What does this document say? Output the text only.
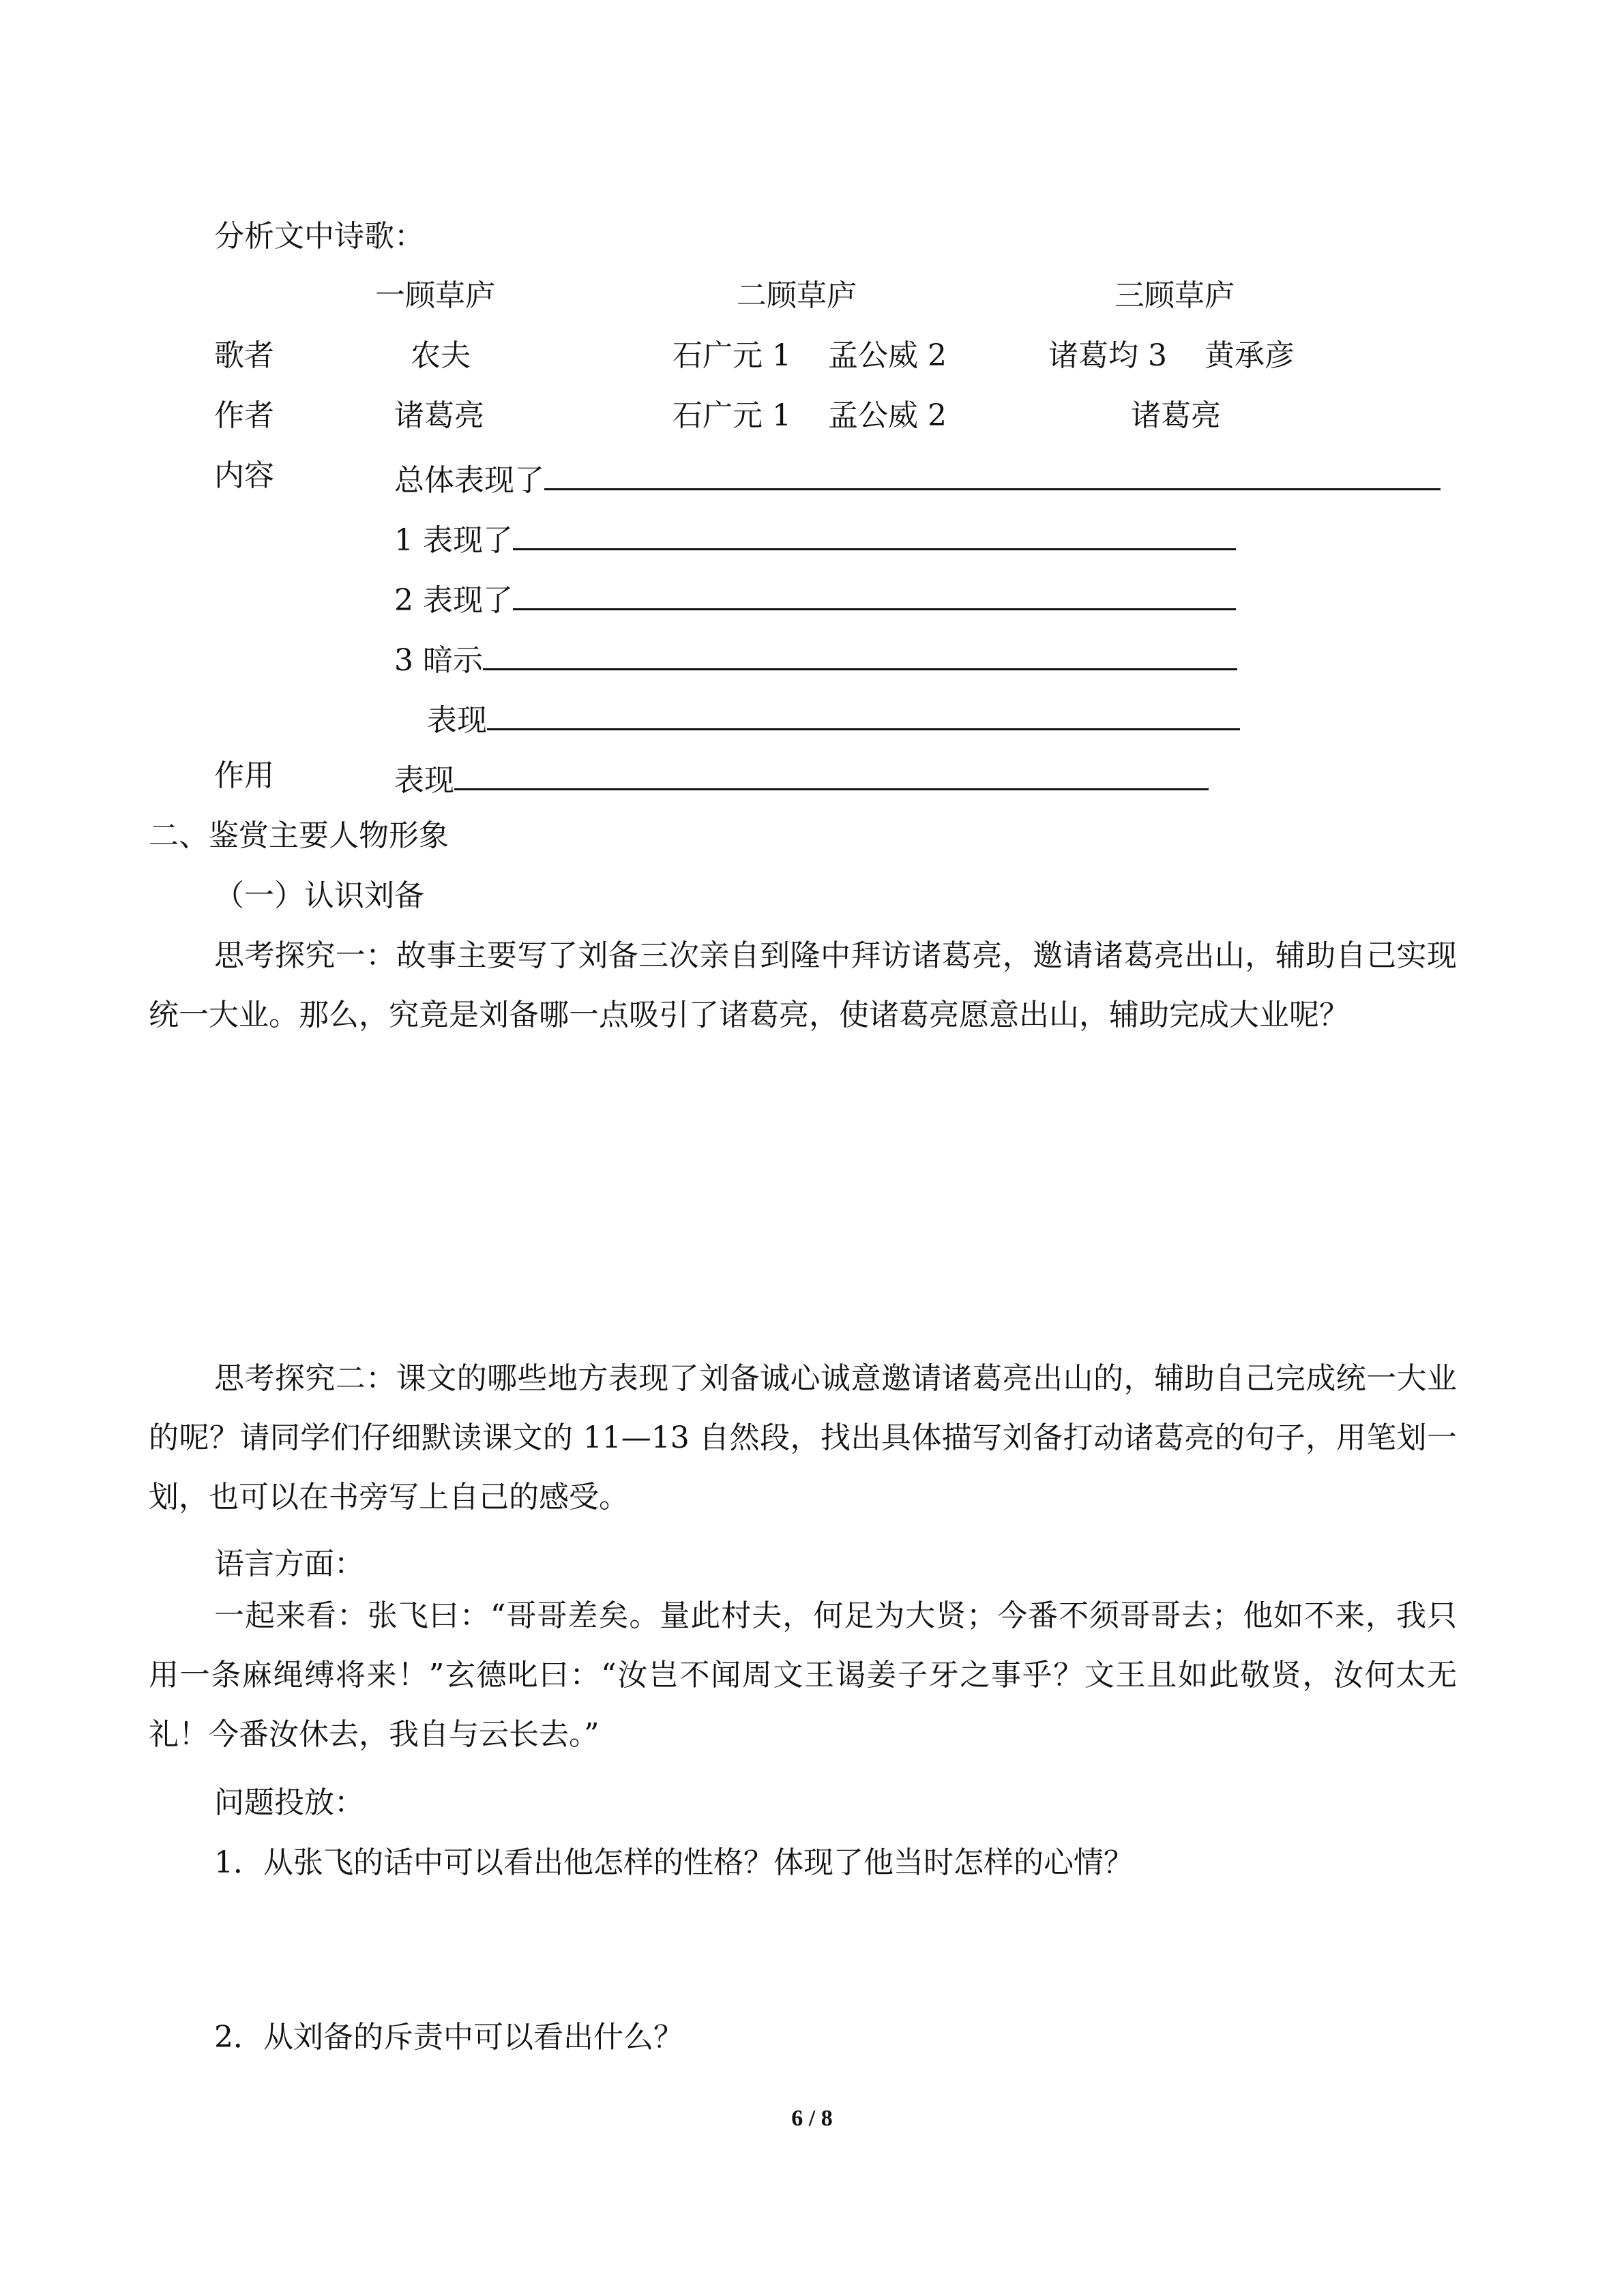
分析文中诗歌：
一顾草庐	二顾草庐	三顾草庐
歌者	农夫	石广元 1 孟公威 2	诸葛均 3 黄承彦
作者	诸葛亮	石广元 1 孟公威 2	诸葛亮
内容	总体表现了
1 表现了
2 表现了
3 暗示
表现
作用	表现
二、鉴赏主要人物形象
（一）认识刘备

思考探究一：故事主要写了刘备三次亲自到隆中拜访诸葛亮，邀请诸葛亮出山，辅助自己实现统一大业。那么，究竟是刘备哪一点吸引了诸葛亮，使诸葛亮愿意出山，辅助完成大业呢？

思考探究二：课文的哪些地方表现了刘备诚心诚意邀请诸葛亮出山的，辅助自己完成统一大业的呢？请同学们仔细默读课文的 11—13 自然段，找出具体描写刘备打动诸葛亮的句子，用笔划一划，也可以在书旁写上自己的感受。

语言方面：

一起来看：张飞曰：“哥哥差矣。量此村夫，何足为大贤；今番不须哥哥去；他如不来，我只用一条麻绳缚将来！”玄德叱曰：“汝岂不闻周文王谒姜子牙之事乎？文王且如此敬贤，汝何太无礼！今番汝休去，我自与云长去。”

问题投放：
1．从张飞的话中可以看出他怎样的性格？体现了他当时怎样的心情？
2．从刘备的斥责中可以看出什么？
6 / 8
